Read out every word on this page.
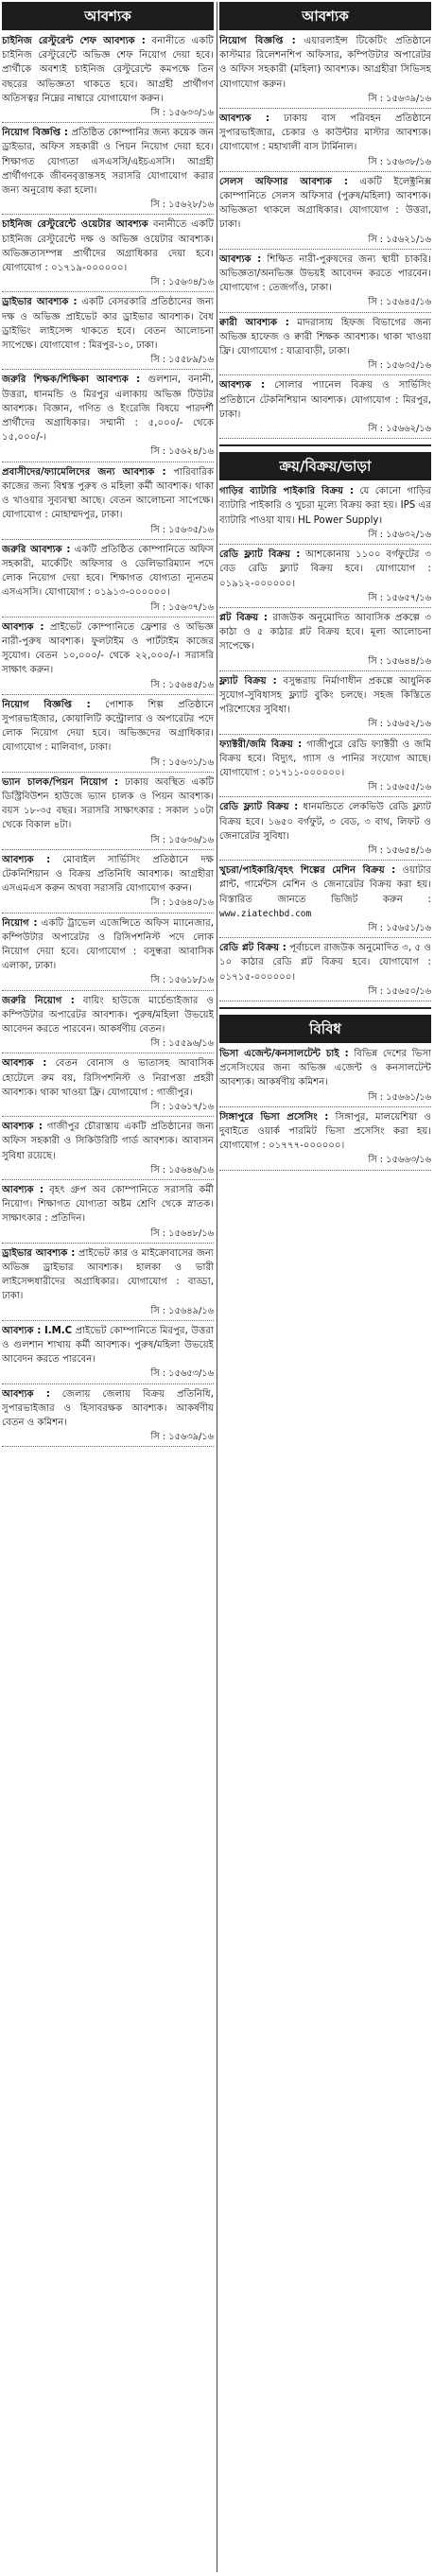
আবশ্যক

চাইনিজ রেস্টুরেন্ট শেফ আবশ্যক : বনানীতে একটি চাইনিজ রেস্টুরেন্টে অভিজ্ঞ শেফ নিয়োগ দেয়া হবে। প্রার্থীকে অবশ্যই চাইনিজ রেস্টুরেন্টে কমপক্ষে তিন বছরের অভিজ্ঞতা থাকতে হবে। আগ্রহী প্রার্থীগণ অতিসত্বর নিম্নের নাম্বারে যোগাযোগ করুন।
সি : ১৫৬৩৩/১৬

নিয়োগ বিজ্ঞপ্তি : প্রতিষ্ঠিত কোম্পানির জন্য কয়েক জন ড্রাইভার, অফিস সহকারী ও পিয়ন নিয়োগ দেয়া হবে। শিক্ষাগত যোগ্যতা এসএসসি/এইচএসসি। আগ্রহী প্রার্থীগণকে জীবনবৃত্তান্তসহ সরাসরি যোগাযোগ করার জন্য অনুরোধ করা হলো।
সি : ১৫৬২৮/১৬

চাইনিজ রেস্টুরেন্টে ওয়েটার আবশ্যক বনানীতে একটি চাইনিজ রেস্টুরেন্টে দক্ষ ও অভিজ্ঞ ওয়েটার আবশ্যক। অভিজ্ঞতাসম্পন্ন প্রার্থীদের অগ্রাধিকার দেয়া হবে। যোগাযোগ : ০১৭১৯-০০০০০০।
সি : ১৫৬৩৪/১৬

ড্রাইভার আবশ্যক : একটি বেসরকারি প্রতিষ্ঠানের জন্য দক্ষ ও অভিজ্ঞ প্রাইভেট কার ড্রাইভার আবশ্যক। বৈধ ড্রাইভিং লাইসেন্স থাকতে হবে। বেতন আলোচনা সাপেক্ষে। যোগাযোগ : মিরপুর-১০, ঢাকা।
সি : ১৫৫৮৯/১৬

জরুরি শিক্ষক/শিক্ষিকা আবশ্যক : গুলশান, বনানী, উত্তরা, ধানমন্ডি ও মিরপুর এলাকায় অভিজ্ঞ টিউটর আবশ্যক। বিজ্ঞান, গণিত ও ইংরেজি বিষয়ে পারদর্শী প্রার্থীদের অগ্রাধিকার। সম্মানী : ৫,০০০/- থেকে ১৫,০০০/-।
সি : ১৫৬২৪/১৬

প্রবাসীদের/ফ্যামেলিদের জন্য আবশ্যক : পারিবারিক কাজের জন্য বিশ্বস্ত পুরুষ ও মহিলা কর্মী আবশ্যক। থাকা ও খাওয়ার সুব্যবস্থা আছে। বেতন আলোচনা সাপেক্ষে। যোগাযোগ : মোহাম্মদপুর, ঢাকা।
সি : ১৫৬৩৫/১৬

জরুরি আবশ্যক : একটি প্রতিষ্ঠিত কোম্পানিতে অফিস সহকারী, মার্কেটিং অফিসার ও ডেলিভারিম্যান পদে লোক নিয়োগ দেয়া হবে। শিক্ষাগত যোগ্যতা ন্যূনতম এসএসসি। যোগাযোগ : ০১৯১৩-০০০০০০।
সি : ১৫৬৩৭/১৬

আবশ্যক : প্রাইভেট কোম্পানিতে ফ্রেশার ও অভিজ্ঞ নারী-পুরুষ আবশ্যক। ফুলটাইম ও পার্টটাইম কাজের সুযোগ। বেতন ১০,০০০/- থেকে ২২,০০০/-। সরাসরি সাক্ষাৎ করুন।
সি : ১৫৬৪৫/১৬

নিয়োগ বিজ্ঞপ্তি : পোশাক শিল্প প্রতিষ্ঠানে সুপারভাইজার, কোয়ালিটি কন্ট্রোলার ও অপারেটর পদে লোক নিয়োগ দেয়া হবে। অভিজ্ঞদের অগ্রাধিকার। যোগাযোগ : মালিবাগ, ঢাকা।
সি : ১৫৬৩১/১৬

ভ্যান চালক/পিয়ন নিয়োগ : ঢাকায় অবস্থিত একটি ডিস্ট্রিবিউশন হাউজে ভ্যান চালক ও পিয়ন আবশ্যক। বয়স ১৮-৩৫ বছর। সরাসরি সাক্ষাৎকার : সকাল ১০টা থেকে বিকাল ৪টা।
সি : ১৫৬৩৬/১৬

আবশ্যক : মোবাইল সার্ভিসিং প্রতিষ্ঠানে দক্ষ টেকনিশিয়ান ও বিক্রয় প্রতিনিধি আবশ্যক। আগ্রহীরা এসএমএস করুন অথবা সরাসরি যোগাযোগ করুন।
সি : ১৫৬৪০/১৬

নিয়োগ : একটি ট্রাভেল এজেন্সিতে অফিস ম্যানেজার, কম্পিউটার অপারেটর ও রিসিপশনিস্ট পদে লোক নিয়োগ দেয়া হবে। যোগাযোগ : বসুন্ধরা আবাসিক এলাকা, ঢাকা।
সি : ১৫৬১৮/১৬

জরুরি নিয়োগ : বায়িং হাউজে মার্চেন্ডাইজার ও কম্পিউটার অপারেটর আবশ্যক। পুরুষ/মহিলা উভয়েই আবেদন করতে পারবেন। আকর্ষণীয় বেতন।
সি : ১৫৫৯৬/১৬

আবশ্যক : বেতন বোনাস ও ভাতাসহ আবাসিক হোটেলে রুম বয়, রিসিপশনিস্ট ও নিরাপত্তা প্রহরী আবশ্যক। থাকা খাওয়া ফ্রি। যোগাযোগ : গাজীপুর।
সি : ১৫৬১৭/১৬

আবশ্যক : গাজীপুর চৌরাস্তায় একটি প্রতিষ্ঠানের জন্য অফিস সহকারী ও সিকিউরিটি গার্ড আবশ্যক। আবাসন সুবিধা রয়েছে।
সি : ১৫৬৪৬/১৬

আবশ্যক : বৃহৎ গ্রুপ অব কোম্পানিতে সরাসরি কর্মী নিয়োগ। শিক্ষাগত যোগ্যতা অষ্টম শ্রেণি থেকে স্নাতক। সাক্ষাৎকার : প্রতিদিন।
সি : ১৫৬৪৮/১৬

ড্রাইভার আবশ্যক : প্রাইভেট কার ও মাইক্রোবাসের জন্য অভিজ্ঞ ড্রাইভার আবশ্যক। হালকা ও ভারী লাইসেন্সধারীদের অগ্রাধিকার। যোগাযোগ : বাড্ডা, ঢাকা।
সি : ১৫৬৪৯/১৬

আবশ্যক : I.M.C প্রাইভেট কোম্পানিতে মিরপুর, উত্তরা ও গুলশান শাখায় কর্মী আবশ্যক। পুরুষ/মহিলা উভয়েই আবেদন করতে পারবেন।
সি : ১৫৬৫৩/১৬

আবশ্যক : জেলায় জেলায় বিক্রয় প্রতিনিধি, সুপারভাইজার ও হিসাবরক্ষক আবশ্যক। আকর্ষণীয় বেতন ও কমিশন।
সি : ১৫৬৩৯/১৬

আবশ্যক

নিয়োগ বিজ্ঞপ্তি : এয়ারলাইন্স টিকেটিং প্রতিষ্ঠানে কাস্টমার রিলেশনশিপ অফিসার, কম্পিউটার অপারেটর ও অফিস সহকারী (মহিলা) আবশ্যক। আগ্রহীরা সিভিসহ যোগাযোগ করুন।
সি : ১৫৬৩৯/১৬

আবশ্যক : ঢাকায় বাস পরিবহন প্রতিষ্ঠানে সুপারভাইজার, চেকার ও কাউন্টার মাস্টার আবশ্যক। যোগাযোগ : মহাখালী বাস টার্মিনাল।
সি : ১৫৬৩৮/১৬

সেলস অফিসার আবশ্যক : একটি ইলেক্ট্রনিক্স কোম্পানিতে সেলস অফিসার (পুরুষ/মহিলা) আবশ্যক। অভিজ্ঞতা থাকলে অগ্রাধিকার। যোগাযোগ : উত্তরা, ঢাকা।
সি : ১৫৬২১/১৬

আবশ্যক : শিক্ষিত নারী-পুরুষদের জন্য স্থায়ী চাকরি। অভিজ্ঞতা/অনভিজ্ঞ উভয়ই আবেদন করতে পারবেন। যোগাযোগ : তেজগাঁও, ঢাকা।
সি : ১৫৬৪৫/১৬

ক্বারী আবশ্যক : মাদরাসায় হিফজ বিভাগের জন্য অভিজ্ঞ হাফেজ ও ক্বারী শিক্ষক আবশ্যক। থাকা খাওয়া ফ্রি। যোগাযোগ : যাত্রাবাড়ী, ঢাকা।
সি : ১৫৬৩৫/১৬

আবশ্যক : সোলার প্যানেল বিক্রয় ও সার্ভিসিং প্রতিষ্ঠানে টেকনিশিয়ান আবশ্যক। যোগাযোগ : মিরপুর, ঢাকা।
সি : ১৫৬৬২/১৬

ক্রয়/বিক্রয়/ভাড়া

গাড়ির ব্যাটারি পাইকারি বিক্রয় : যে কোনো গাড়ির ব্যাটারি পাইকারি ও খুচরা মূল্যে বিক্রয় করা হয়। IPS এর ব্যাটারি পাওয়া যায়। HL Power Supply।
সি : ১৫৬৩২/১৬

রেডি ফ্ল্যাট বিক্রয় : আশকোনায় ১১০০ বর্গফুটের ৩ বেড রেডি ফ্ল্যাট বিক্রয় হবে। যোগাযোগ : ০১৯১২-০০০০০০।
সি : ১৫৬৫৭/১৬

প্লট বিক্রয় : রাজউক অনুমোদিত আবাসিক প্রকল্পে ৩ কাঠা ও ৫ কাঠার প্লট বিক্রয় হবে। মূল্য আলোচনা সাপেক্ষে।
সি : ১৫৬৪৪/১৬

ফ্ল্যাট বিক্রয় : বসুন্ধরায় নির্মাণাধীন প্রকল্পে আধুনিক সুযোগ-সুবিধাসহ ফ্ল্যাট বুকিং চলছে। সহজ কিস্তিতে পরিশোধের সুবিধা।
সি : ১৫৬৫২/১৬

ফ্যাক্টরী/জমি বিক্রয় : গাজীপুরে রেডি ফ্যাক্টরী ও জমি বিক্রয় হবে। বিদ্যুৎ, গ্যাস ও পানির সংযোগ আছে। যোগাযোগ : ০১৭১১-০০০০০০।
সি : ১৫৬৫৫/১৬

রেডি ফ্ল্যাট বিক্রয় : ধানমন্ডিতে লেকভিউ রেডি ফ্ল্যাট বিক্রয় হবে। ১৬৫০ বর্গফুট, ৩ বেড, ৩ বাথ, লিফট ও জেনারেটর সুবিধা।
সি : ১৫৬৫৪/১৬

খুচরা/পাইকারি/বৃহৎ শিল্পের মেশিন বিক্রয় : ওয়াটার প্লান্ট, গার্মেন্টস মেশিন ও জেনারেটর বিক্রয় করা হয়। বিস্তারিত জানতে ভিজিট করুন : www.ziatechbd.com
সি : ১৫৬৫১/১৬

রেডি প্লট বিক্রয় : পূর্বাচলে রাজউক অনুমোদিত ৩, ৫ ও ১০ কাঠার রেডি প্লট বিক্রয় হবে। যোগাযোগ : ০১৭১৫-০০০০০০।
সি : ১৫৬৫০/১৬

বিবিধ

ভিসা এজেন্ট/কনসালটেন্ট চাই : বিভিন্ন দেশের ভিসা প্রসেসিংয়ের জন্য অভিজ্ঞ এজেন্ট ও কনসালটেন্ট আবশ্যক। আকর্ষণীয় কমিশন।
সি : ১৫৬৬১/১৬

সিঙ্গাপুরে ভিসা প্রসেসিং : সিঙ্গাপুর, মালয়েশিয়া ও দুবাইতে ওয়ার্ক পারমিট ভিসা প্রসেসিং করা হয়। যোগাযোগ : ০১৭৭৭-০০০০০০।
সি : ১৫৬৬৩/১৬
